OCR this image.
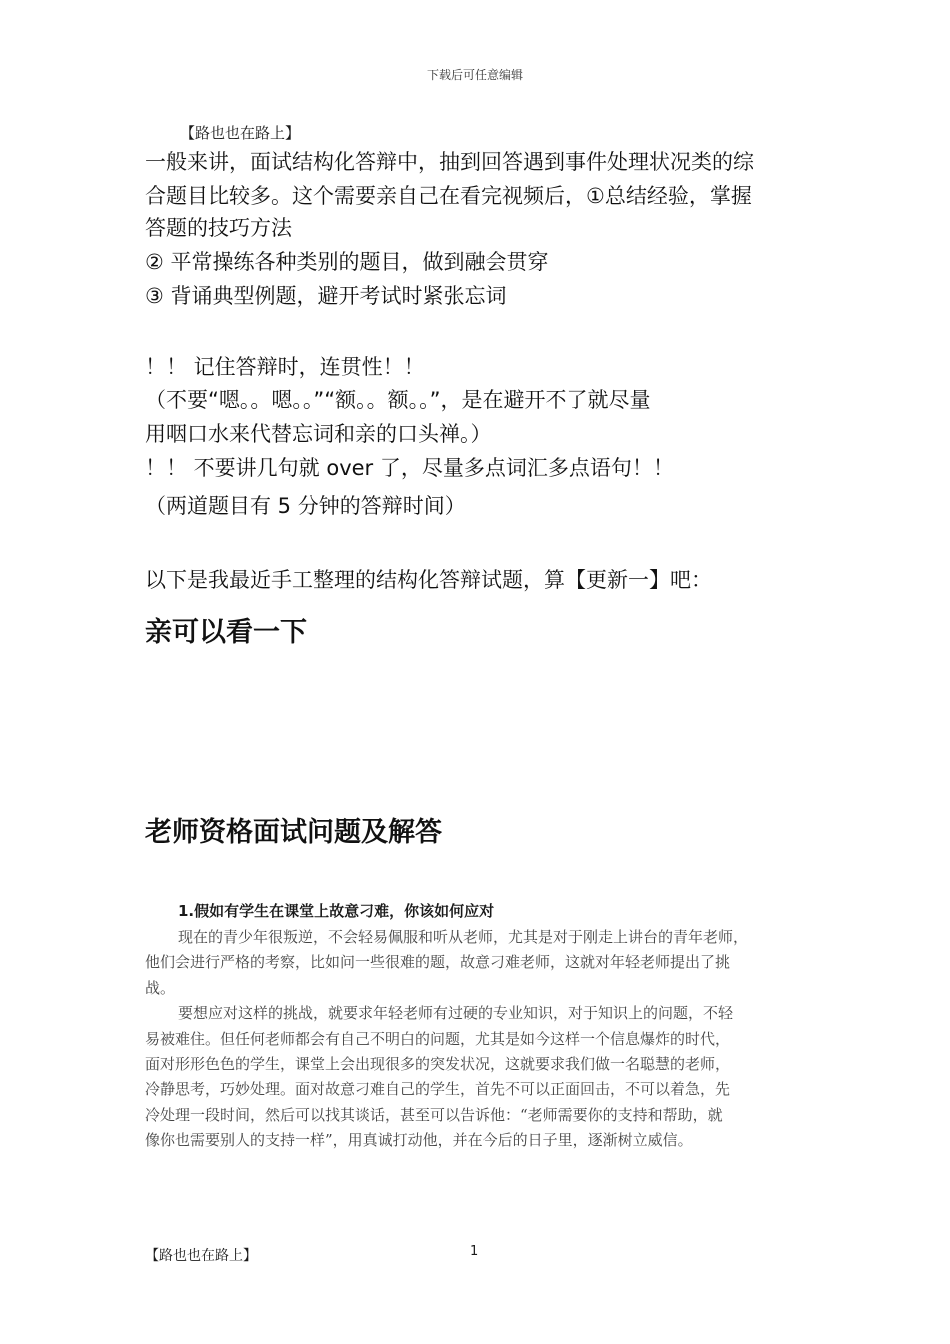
下载后可任意编辑
【路也也在路上】
一般来讲，面试结构化答辩中，抽到回答遇到事件处理状况类的综
合题目比较多。这个需要亲自己在看完视频后，①总结经验，掌握
答题的技巧方法
② 平常操练各种类别的题目，做到融会贯穿
③ 背诵典型例题，避开考试时紧张忘词
！！ 记住答辩时，连贯性！！
（不要“嗯。。嗯。。”“额。。额。。”，是在避开不了就尽量
用咽口水来代替忘词和亲的口头禅。）
！！ 不要讲几句就 over 了，尽量多点词汇多点语句！！
（两道题目有 5 分钟的答辩时间）
以下是我最近手工整理的结构化答辩试题，算【更新一】吧：
亲可以看一下
老师资格面试问题及解答
1.假如有学生在课堂上故意刁难，你该如何应对
现在的青少年很叛逆，不会轻易佩服和听从老师，尤其是对于刚走上讲台的青年老师，
他们会进行严格的考察，比如问一些很难的题，故意刁难老师，这就对年轻老师提出了挑
战。
要想应对这样的挑战，就要求年轻老师有过硬的专业知识，对于知识上的问题，不轻
易被难住。但任何老师都会有自己不明白的问题，尤其是如今这样一个信息爆炸的时代，
面对形形色色的学生，课堂上会出现很多的突发状况，这就要求我们做一名聪慧的老师，
冷静思考，巧妙处理。面对故意刁难自己的学生，首先不可以正面回击，不可以着急，先
冷处理一段时间，然后可以找其谈话，甚至可以告诉他：“老师需要你的支持和帮助，就
像你也需要别人的支持一样”，用真诚打动他，并在今后的日子里，逐渐树立威信。
【路也也在路上】	1
